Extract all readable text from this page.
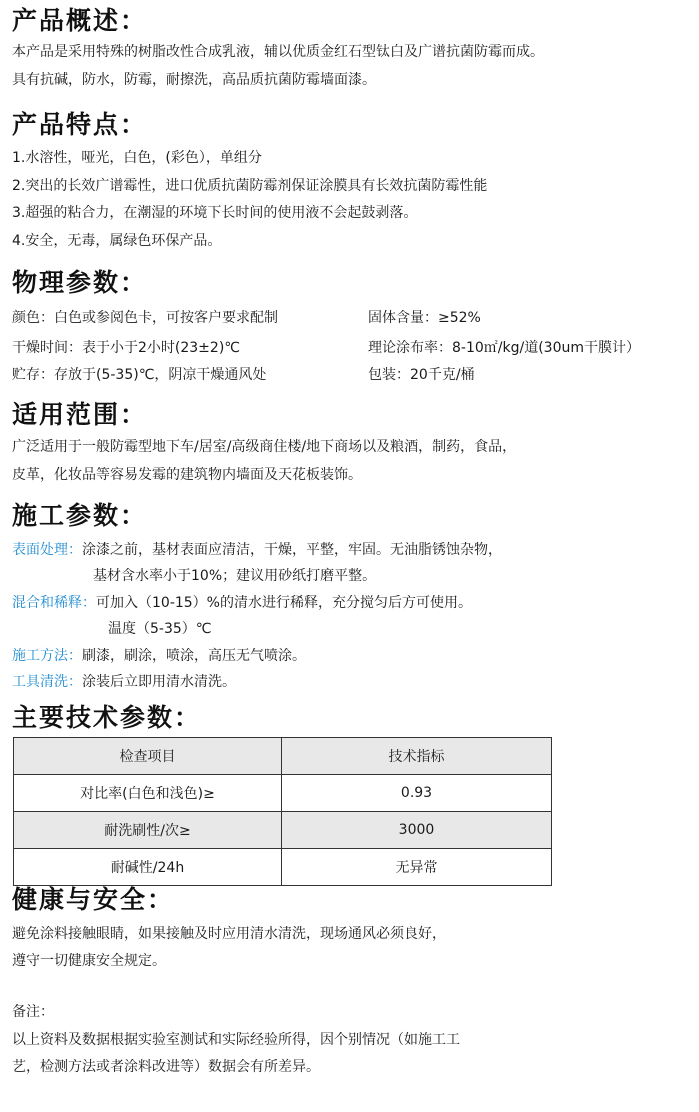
产品概述：
本产品是采用特殊的树脂改性合成乳液，辅以优质金红石型钛白及广谱抗菌防霉而成。
具有抗碱，防水，防霉，耐擦洗，高品质抗菌防霉墙面漆。
产品特点：
1.水溶性，哑光，白色，(彩色），单组分
2.突出的长效广谱霉性，进口优质抗菌防霉剂保证涂膜具有长效抗菌防霉性能
3.超强的粘合力，在潮湿的环境下长时间的使用液不会起鼓剥落。
4.安全，无毒，属绿色环保产品。
物理参数：
颜色：白色或参阅色卡，可按客户要求配制	固体含量：≥52%
干燥时间：表于小于2小时(23±2)℃	理论涂布率：8-10㎡/kg/道(30um干膜计）
贮存：存放于(5-35)℃，阴凉干燥通风处	包装：20千克/桶
适用范围：
广泛适用于一般防霉型地下车/居室/高级商住楼/地下商场以及粮酒，制药，食品，
皮革，化妆品等容易发霉的建筑物内墙面及天花板装饰。
施工参数：
表面处理：涂漆之前，基材表面应清洁，干燥，平整，牢固。无油脂锈蚀杂物，
基材含水率小于10%；建议用砂纸打磨平整。
混合和稀释：可加入（10-15）%的清水进行稀释，充分搅匀后方可使用。
温度（5-35）℃
施工方法：刷漆，刷涂，喷涂，高压无气喷涂。
工具清洗：涂装后立即用清水清洗。
主要技术参数：
检查项目	技术指标
对比率(白色和浅色)≥	0.93
耐洗刷性/次≥	3000
耐碱性/24h	无异常
健康与安全：
避免涂料接触眼睛，如果接触及时应用清水清洗，现场通风必须良好，
遵守一切健康安全规定。
备注：
以上资料及数据根据实验室测试和实际经验所得，因个别情况（如施工工
艺，检测方法或者涂料改进等）数据会有所差异。
